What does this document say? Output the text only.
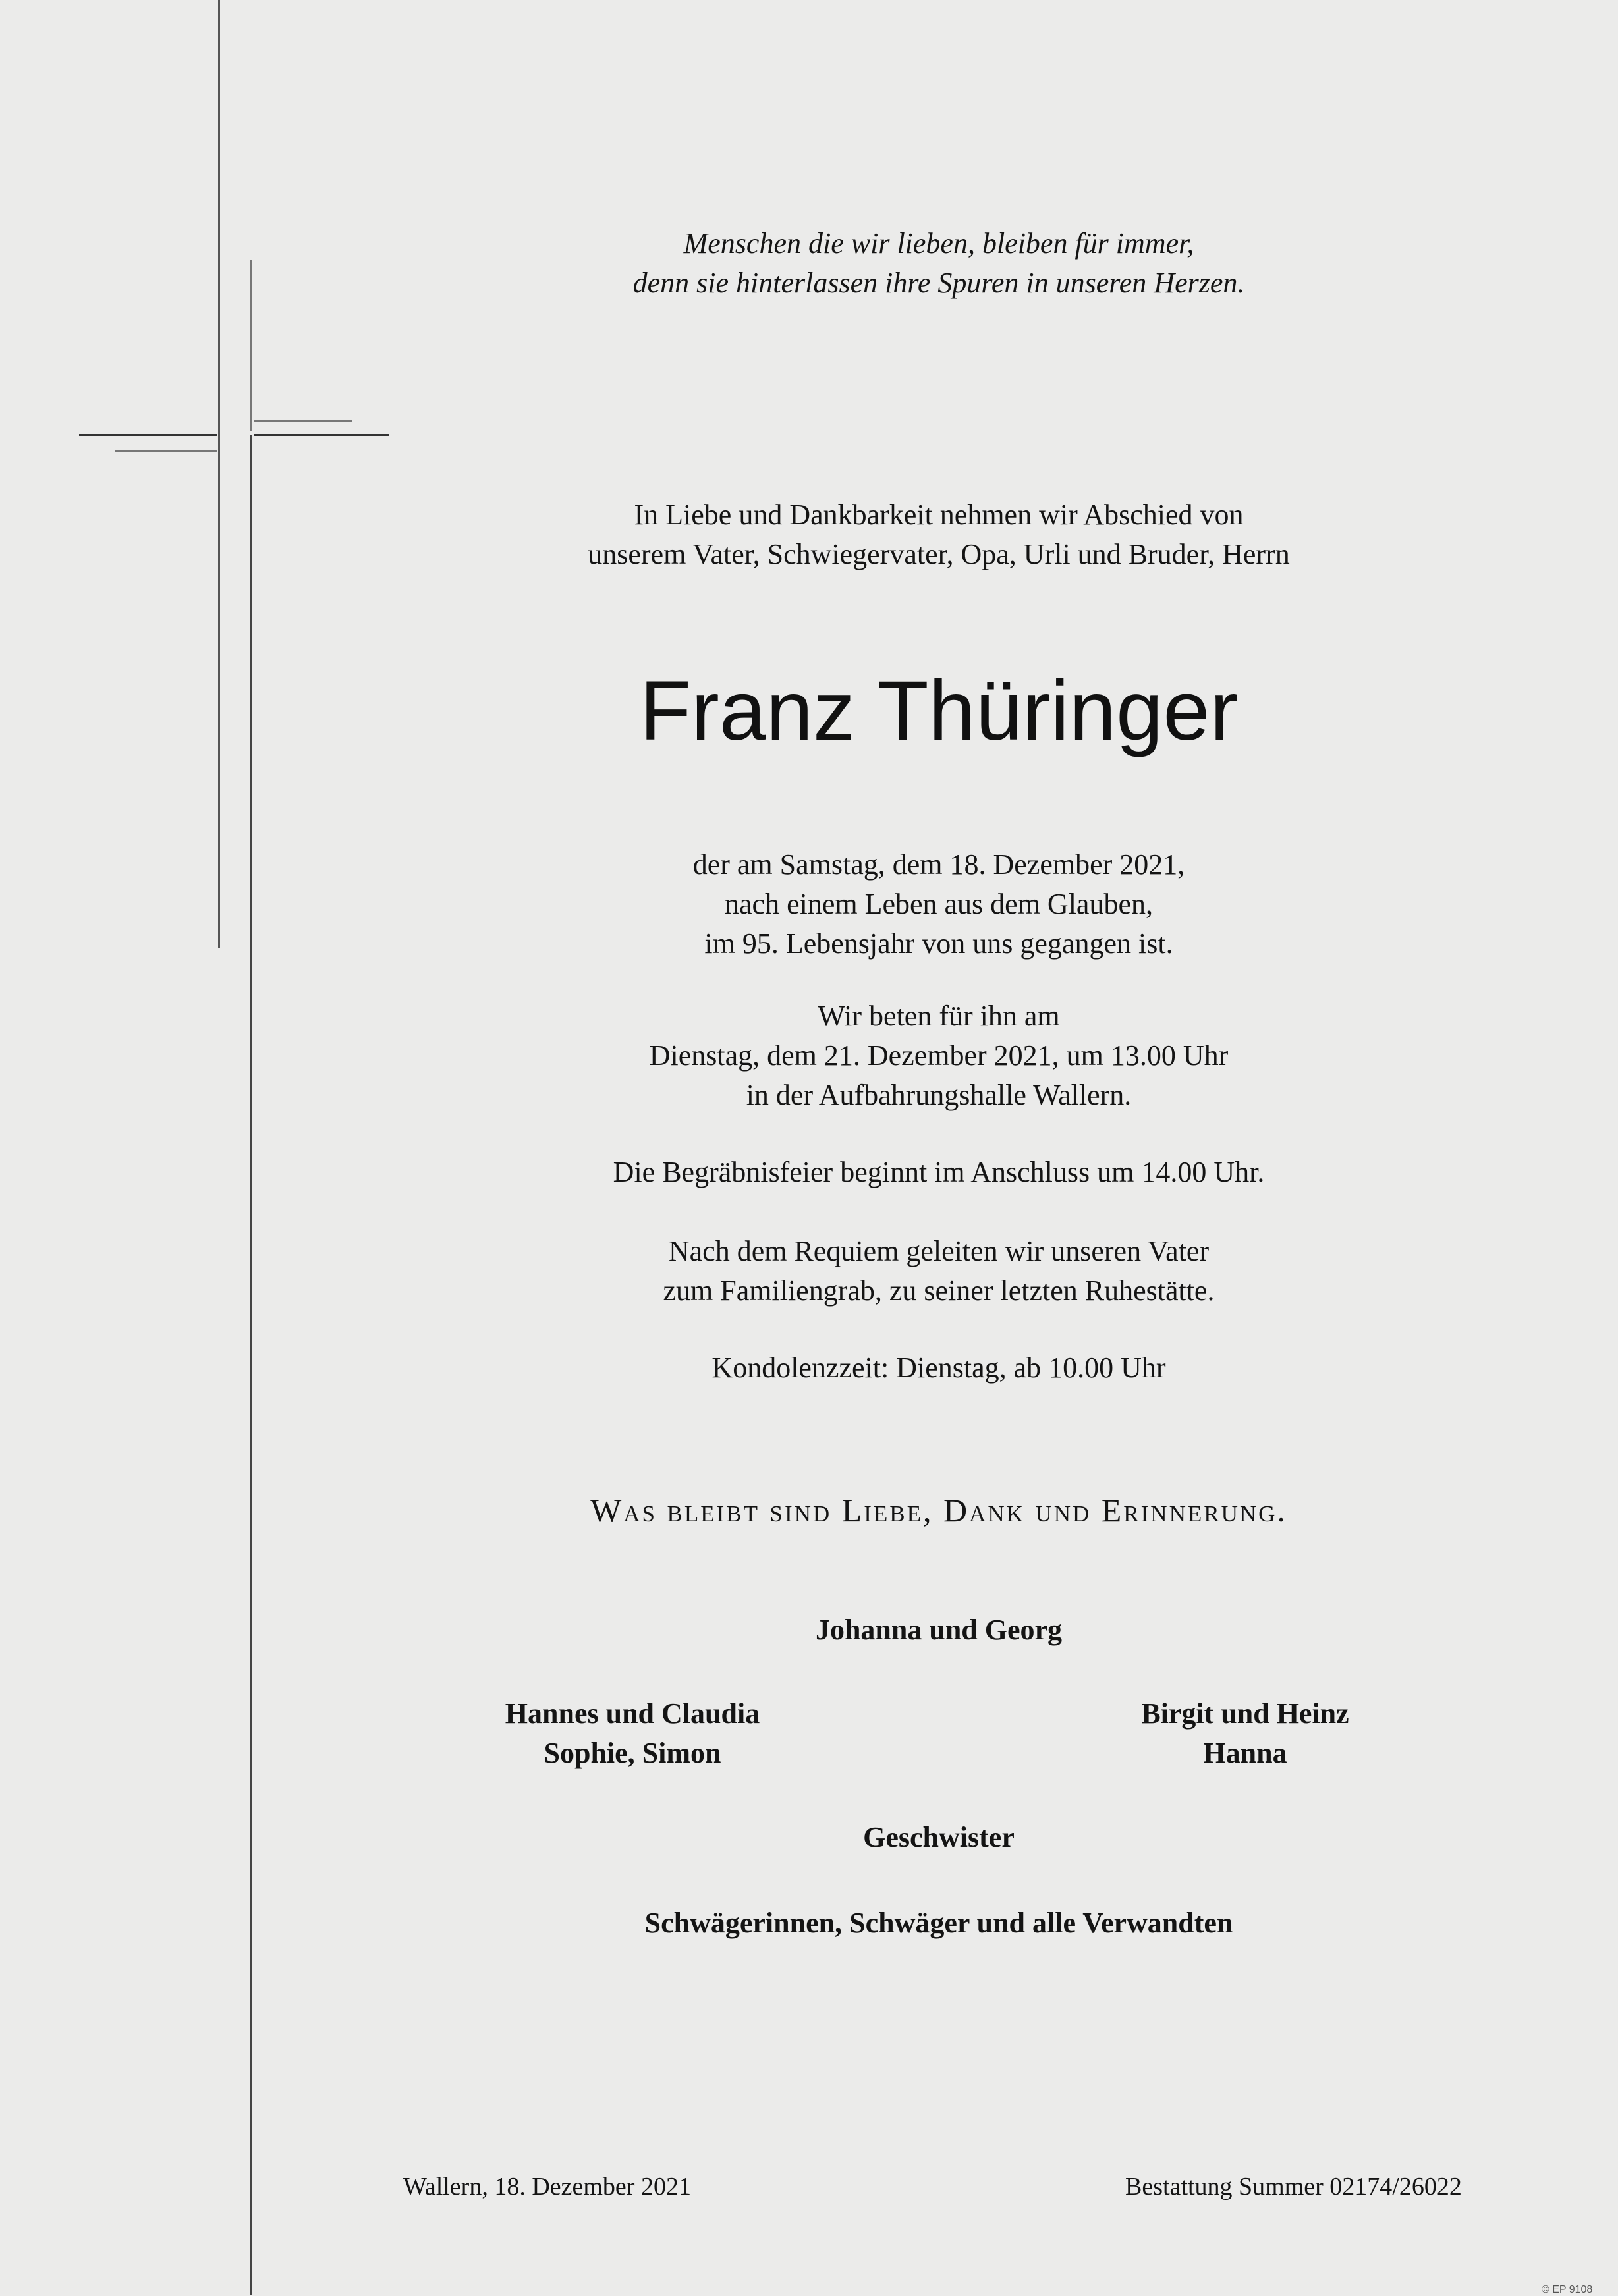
Menschen die wir lieben, bleiben für immer,
denn sie hinterlassen ihre Spuren in unseren Herzen.
In Liebe und Dankbarkeit nehmen wir Abschied von
unserem Vater, Schwiegervater, Opa, Urli und Bruder, Herrn
Franz Thüringer
der am Samstag, dem 18. Dezember 2021,
nach einem Leben aus dem Glauben,
im 95. Lebensjahr von uns gegangen ist.
Wir beten für ihn am
Dienstag, dem 21. Dezember 2021, um 13.00 Uhr
in der Aufbahrungshalle Wallern.
Die Begräbnisfeier beginnt im Anschluss um 14.00 Uhr.
Nach dem Requiem geleiten wir unseren Vater
zum Familiengrab, zu seiner letzten Ruhestätte.
Kondolenzzeit: Dienstag, ab 10.00 Uhr
Was bleibt sind Liebe, Dank und Erinnerung.
Johanna und Georg
Hannes und Claudia
Sophie, Simon
Birgit und Heinz
Hanna
Geschwister
Schwägerinnen, Schwäger und alle Verwandten
Wallern, 18. Dezember 2021	Bestattung Summer 02174/26022
© EP 9108
